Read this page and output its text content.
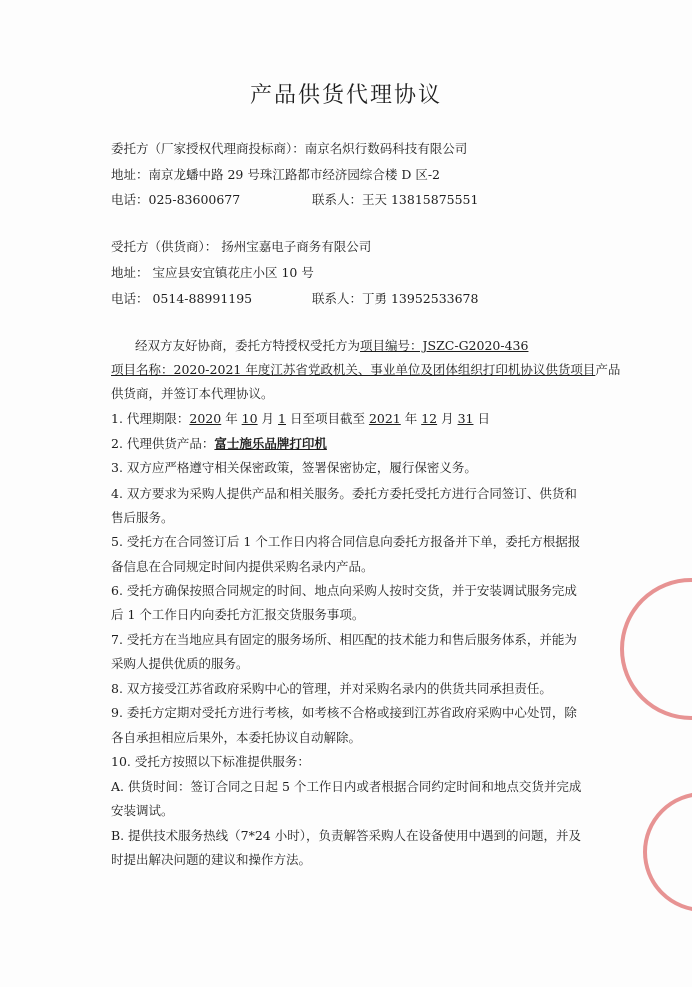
产品供货代理协议
委托方（厂家授权代理商投标商）：南京名炽行数码科技有限公司
地址：南京龙蟠中路 29 号珠江路都市经济园综合楼 D 区-2
电话：025-83600677	联系人：王天 13815875551
受托方（供货商）： 扬州宝嘉电子商务有限公司
地址： 宝应县安宜镇花庄小区 10 号
电话： 0514-88991195	联系人：丁勇 13952533678
经双方友好协商，委托方特授权受托方为项目编号：JSZC-G2020-436
项目名称：2020-2021 年度江苏省党政机关、事业单位及团体组织打印机协议供货项目产品
供货商，并签订本代理协议。
1. 代理期限：2020 年 10 月 1 日至项目截至 2021 年 12 月 31 日
2. 代理供货产品：富士施乐品牌打印机
3. 双方应严格遵守相关保密政策，签署保密协定，履行保密义务。
4. 双方要求为采购人提供产品和相关服务。委托方委托受托方进行合同签订、供货和
售后服务。
5. 受托方在合同签订后 1 个工作日内将合同信息向委托方报备并下单，委托方根据报
备信息在合同规定时间内提供采购名录内产品。
6. 受托方确保按照合同规定的时间、地点向采购人按时交货，并于安装调试服务完成
后 1 个工作日内向委托方汇报交货服务事项。
7. 受托方在当地应具有固定的服务场所、相匹配的技术能力和售后服务体系，并能为
采购人提供优质的服务。
8. 双方接受江苏省政府采购中心的管理，并对采购名录内的供货共同承担责任。
9. 委托方定期对受托方进行考核，如考核不合格或接到江苏省政府采购中心处罚，除
各自承担相应后果外，本委托协议自动解除。
10. 受托方按照以下标准提供服务：
A. 供货时间：签订合同之日起 5 个工作日内或者根据合同约定时间和地点交货并完成
安装调试。
B. 提供技术服务热线（7*24 小时），负责解答采购人在设备使用中遇到的问题，并及
时提出解决问题的建议和操作方法。
